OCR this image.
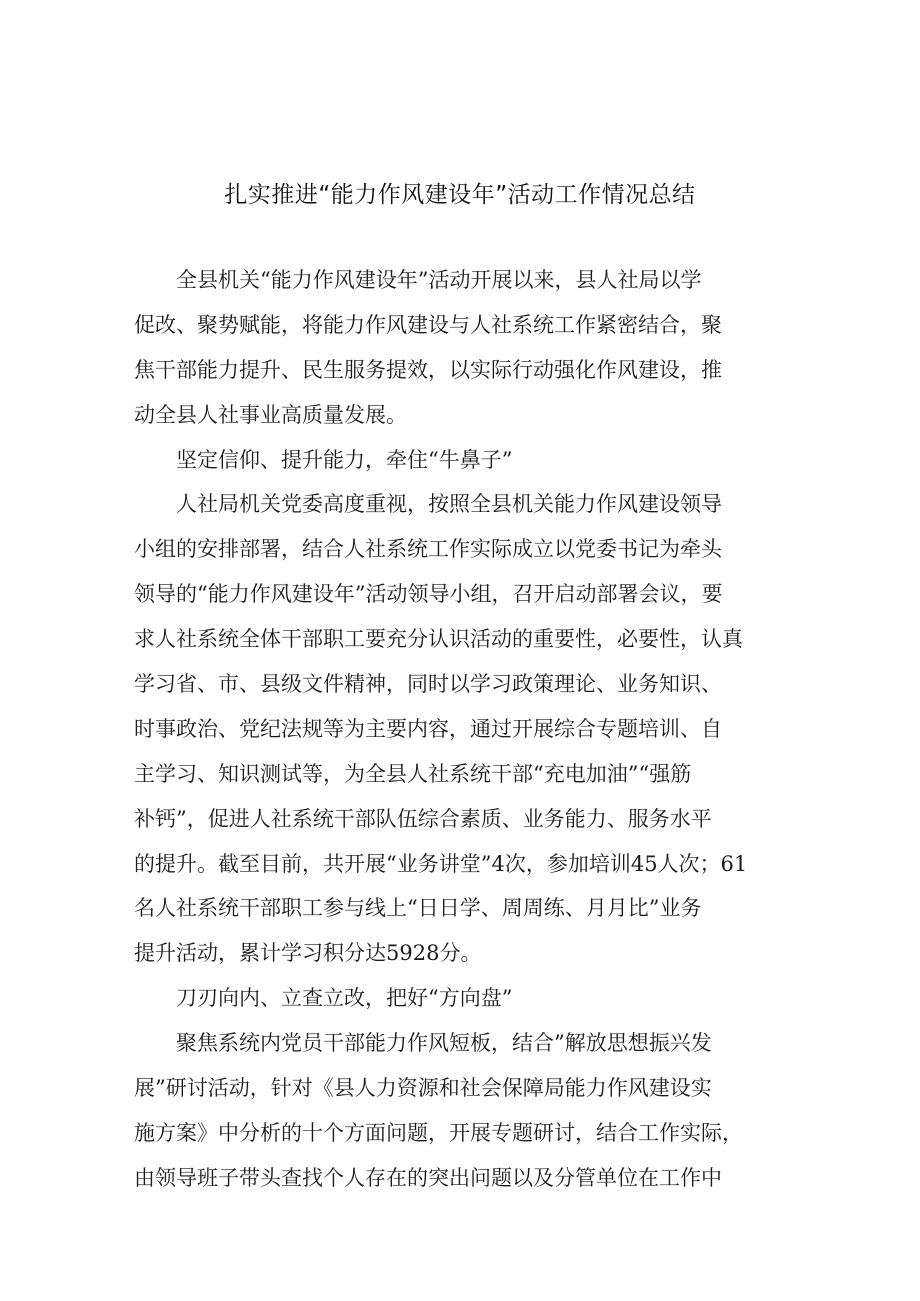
扎实推进“能力作风建设年”活动工作情况总结
全县机关“能力作风建设年”活动开展以来，县人社局以学
促改、聚势赋能，将能力作风建设与人社系统工作紧密结合，聚
焦干部能力提升、民生服务提效，以实际行动强化作风建设，推
动全县人社事业高质量发展。
坚定信仰、提升能力，牵住“牛鼻子”
人社局机关党委高度重视，按照全县机关能力作风建设领导
小组的安排部署，结合人社系统工作实际成立以党委书记为牵头
领导的“能力作风建设年”活动领导小组，召开启动部署会议，要
求人社系统全体干部职工要充分认识活动的重要性，必要性，认真
学习省、市、县级文件精神，同时以学习政策理论、业务知识、
时事政治、党纪法规等为主要内容，通过开展综合专题培训、自
主学习、知识测试等，为全县人社系统干部“充电加油”“强筋
补钙”，促进人社系统干部队伍综合素质、业务能力、服务水平
的提升。截至目前，共开展“业务讲堂”4次，参加培训45人次；61
名人社系统干部职工参与线上“日日学、周周练、月月比”业务
提升活动，累计学习积分达5928分。
刀刃向内、立查立改，把好“方向盘”
聚焦系统内党员干部能力作风短板，结合”解放思想振兴发
展”研讨活动，针对《县人力资源和社会保障局能力作风建设实
施方案》中分析的十个方面问题，开展专题研讨，结合工作实际，
由领导班子带头查找个人存在的突出问题以及分管单位在工作中
